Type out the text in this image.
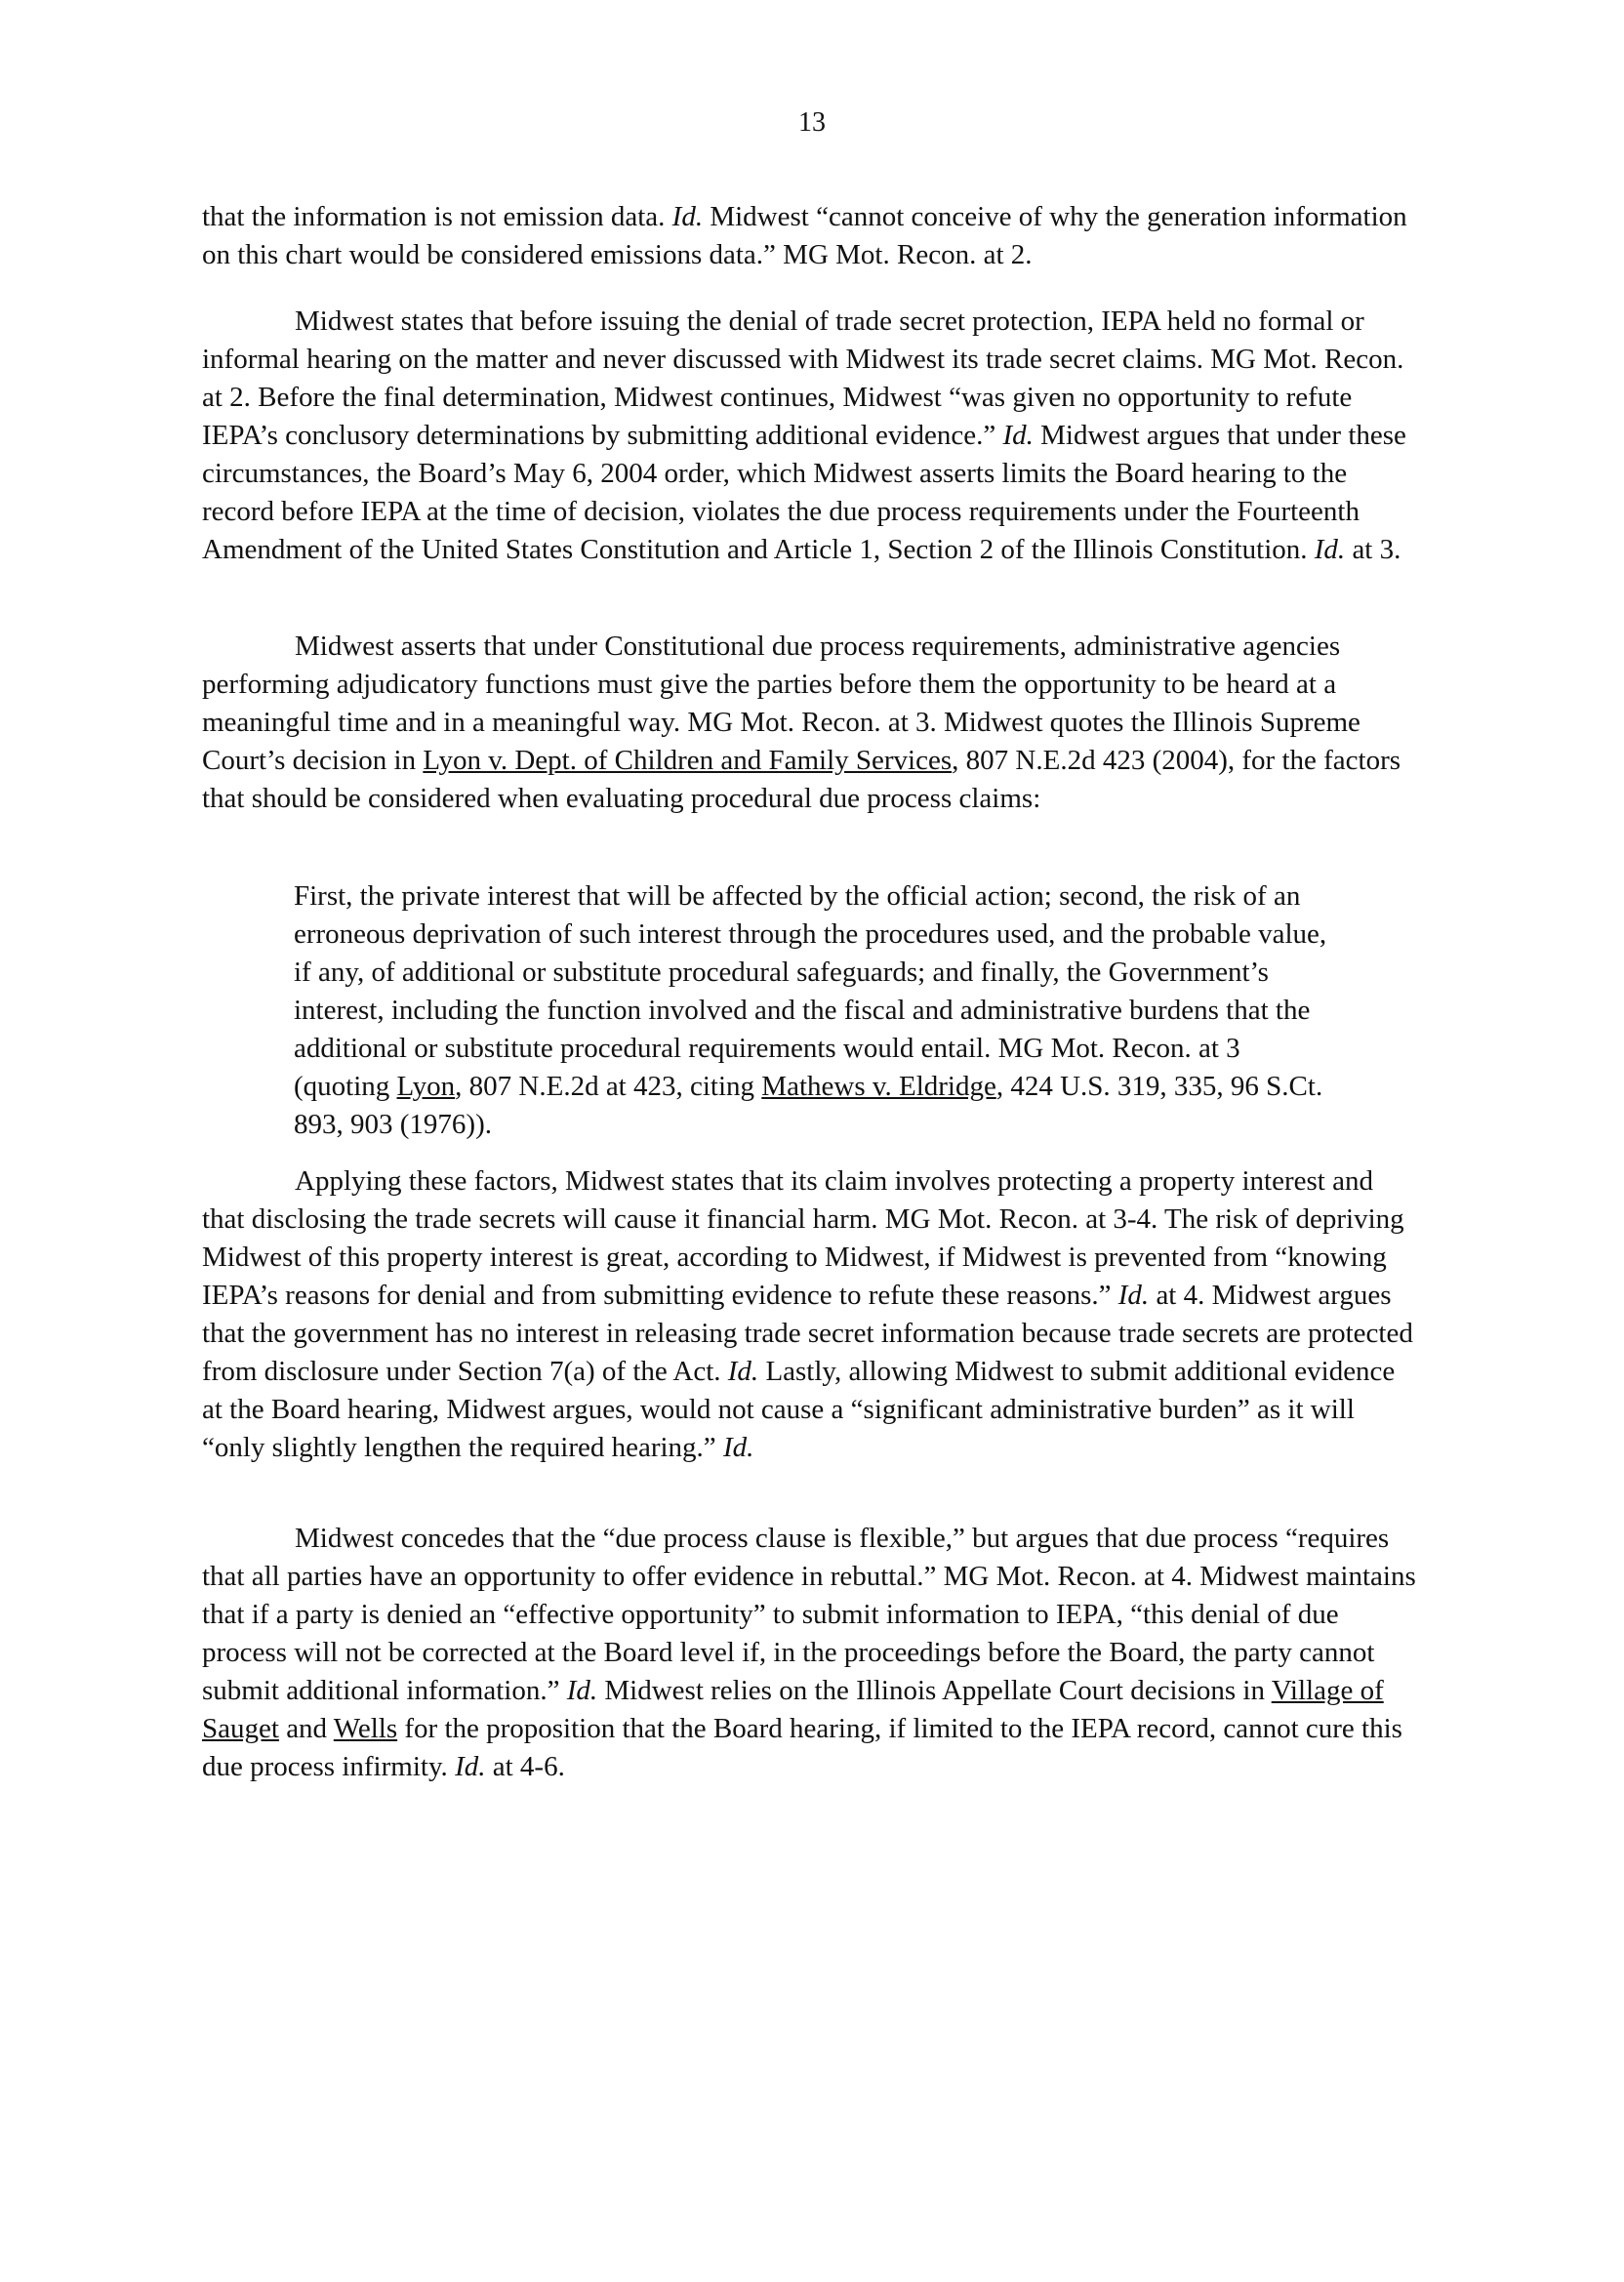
13

that the information is not emission data. Id. Midwest “cannot conceive of why the generation information on this chart would be considered emissions data.” MG Mot. Recon. at 2.

Midwest states that before issuing the denial of trade secret protection, IEPA held no formal or informal hearing on the matter and never discussed with Midwest its trade secret claims. MG Mot. Recon. at 2. Before the final determination, Midwest continues, Midwest “was given no opportunity to refute IEPA’s conclusory determinations by submitting additional evidence.” Id. Midwest argues that under these circumstances, the Board’s May 6, 2004 order, which Midwest asserts limits the Board hearing to the record before IEPA at the time of decision, violates the due process requirements under the Fourteenth Amendment of the United States Constitution and Article 1, Section 2 of the Illinois Constitution. Id. at 3.

Midwest asserts that under Constitutional due process requirements, administrative agencies performing adjudicatory functions must give the parties before them the opportunity to be heard at a meaningful time and in a meaningful way. MG Mot. Recon. at 3. Midwest quotes the Illinois Supreme Court’s decision in Lyon v. Dept. of Children and Family Services, 807 N.E.2d 423 (2004), for the factors that should be considered when evaluating procedural due process claims:

First, the private interest that will be affected by the official action; second, the risk of an erroneous deprivation of such interest through the procedures used, and the probable value, if any, of additional or substitute procedural safeguards; and finally, the Government’s interest, including the function involved and the fiscal and administrative burdens that the additional or substitute procedural requirements would entail. MG Mot. Recon. at 3 (quoting Lyon, 807 N.E.2d at 423, citing Mathews v. Eldridge, 424 U.S. 319, 335, 96 S.Ct. 893, 903 (1976)).

Applying these factors, Midwest states that its claim involves protecting a property interest and that disclosing the trade secrets will cause it financial harm. MG Mot. Recon. at 3-4. The risk of depriving Midwest of this property interest is great, according to Midwest, if Midwest is prevented from “knowing IEPA’s reasons for denial and from submitting evidence to refute these reasons.” Id. at 4. Midwest argues that the government has no interest in releasing trade secret information because trade secrets are protected from disclosure under Section 7(a) of the Act. Id. Lastly, allowing Midwest to submit additional evidence at the Board hearing, Midwest argues, would not cause a “significant administrative burden” as it will “only slightly lengthen the required hearing.” Id.

Midwest concedes that the “due process clause is flexible,” but argues that due process “requires that all parties have an opportunity to offer evidence in rebuttal.” MG Mot. Recon. at 4. Midwest maintains that if a party is denied an “effective opportunity” to submit information to IEPA, “this denial of due process will not be corrected at the Board level if, in the proceedings before the Board, the party cannot submit additional information.” Id. Midwest relies on the Illinois Appellate Court decisions in Village of Sauget and Wells for the proposition that the Board hearing, if limited to the IEPA record, cannot cure this due process infirmity. Id. at 4-6.
